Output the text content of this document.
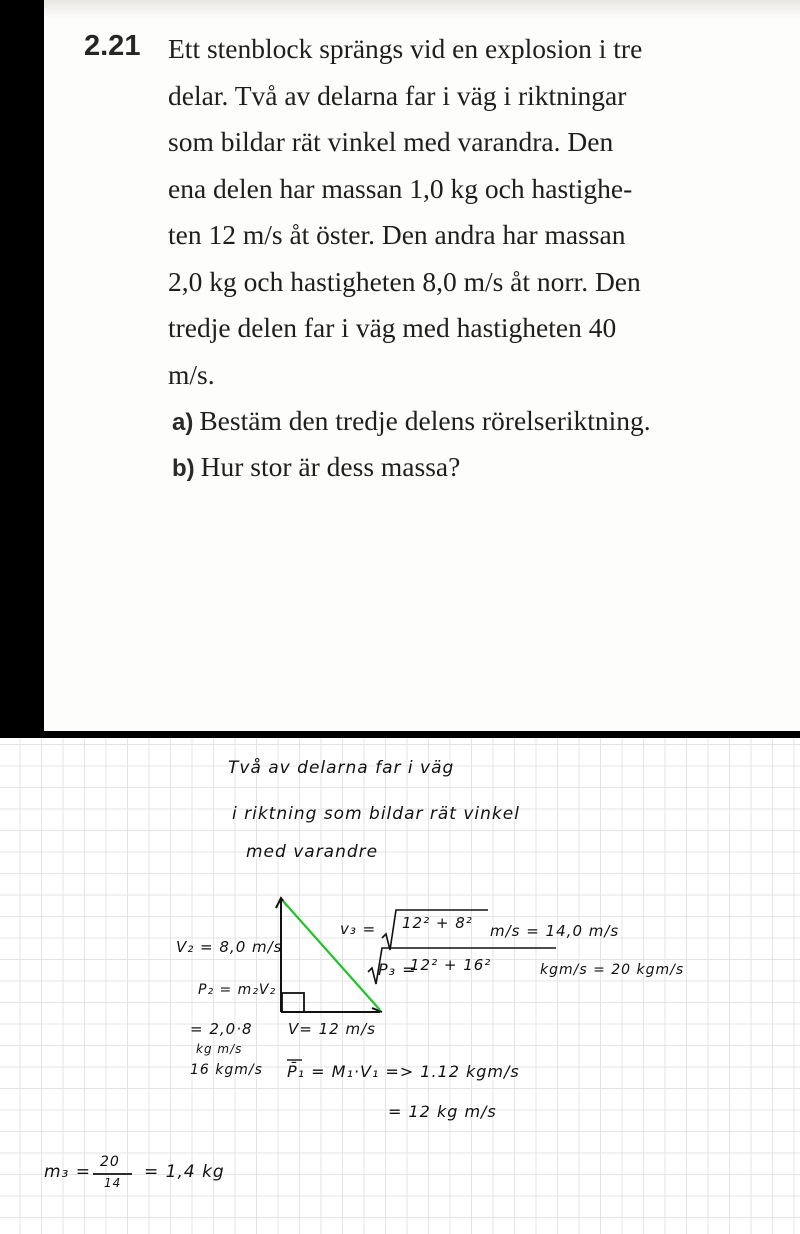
2.21 Ett stenblock sprängs vid en explosion i tre
delar. Två av delarna far i väg i riktningar
som bildar rät vinkel med varandra. Den
ena delen har massan 1,0 kg och hastighe-
ten 12 m/s åt öster. Den andra har massan
2,0 kg och hastigheten 8,0 m/s åt norr. Den
tredje delen far i väg med hastigheten 40
m/s.
a) Bestäm den tredje delens rörelseriktning.
b) Hur stor är dess massa?
Två av delarna far i väg
i riktning som bildar rät vinkel
med varandre
V₂ = 8,0 m/s
P₂ = m₂V₂
= 2,0·8
kg m/s
16 kgm/s
V= 12 m/s
v₃ = 12² + 8² m/s = 14,0 m/s
P₃ =
12² + 16²	kgm/s = 20 kgm/s
P̄₁ = M₁·V₁ => 1.12 kgm/s
= 12 kg m/s
m₃ = 20
14
= 1,4 kg
